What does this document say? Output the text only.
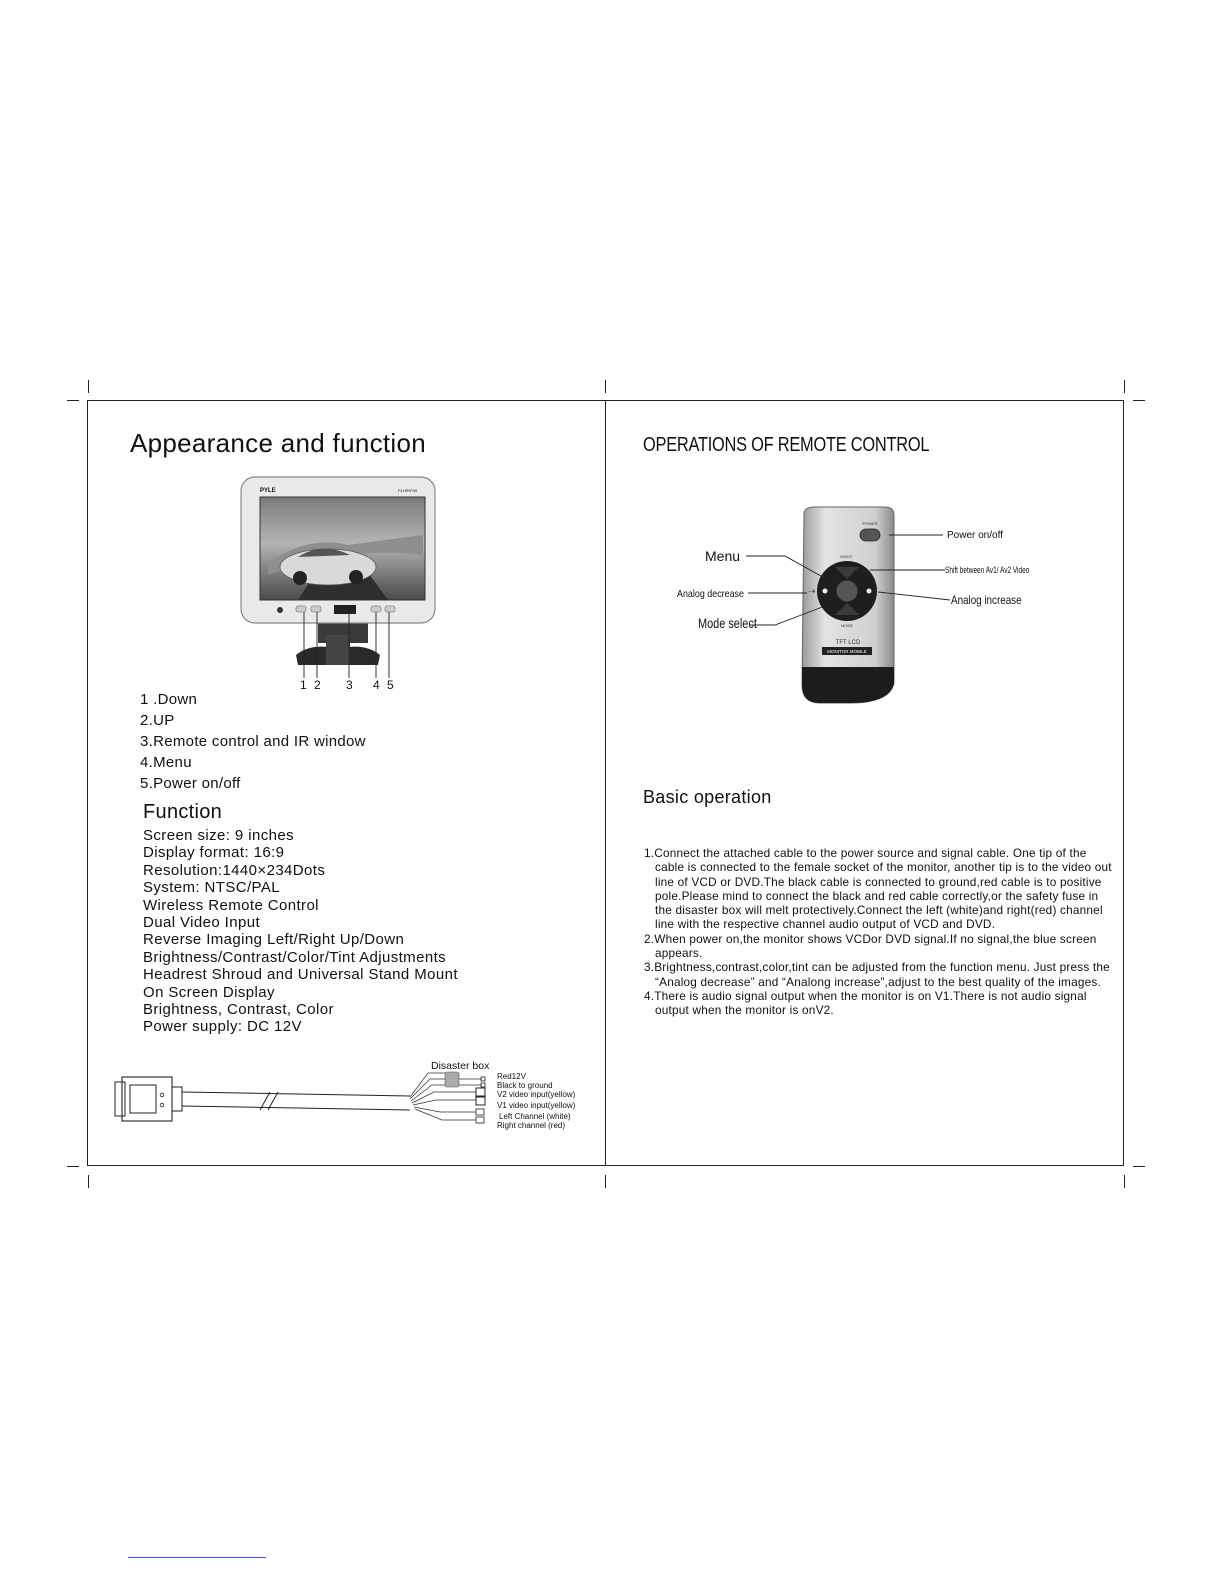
Appearance and function
PYLE	PLHR9TW
1 2 3 4 5
1 .Down
2.UP
3.Remote control and IR window
4.Menu
5.Power on/off
Function
Screen size: 9 inches
Display format: 16:9
Resolution:1440×234Dots
System: NTSC/PAL
Wireless Remote Control
Dual Video Input
Reverse Imaging Left/Right Up/Down
Brightness/Contrast/Color/Tint Adjustments
Headrest Shroud and Universal Stand Mount
On Screen Display
Brightness, Contrast, Color
Power supply: DC 12V
Disaster box
Red12V
Black to ground
V2 video input(yellow)
V1 video input(yellow)
Left Channel (white)
Right channel (red)
OPERATIONS OF REMOTE CONTROL
POWER
VIDEO
➝
MODE
TFT LCD
MONITOR MOBILE
Menu
Power on/off
Shift between Av1/ Av2 Video
Analog decrease	Analog increase
Mode select
Basic operation
1.Connect the attached cable to the power source and signal cable. One tip of the cable is connected to the female socket of the monitor, another tip is to the video out line of VCD or DVD.The black cable is connected to ground,red cable is to positive pole.Please mind to connect the black and red cable correctly,or the safety fuse in the disaster box will melt protectively.Connect the left (white)and right(red) channel line with the respective channel audio output of VCD and DVD.
2.When power on,the monitor shows VCDor DVD signal.If no signal,the blue screen appears.
3.Brightness,contrast,color,tint can be adjusted from the function menu. Just press the “Analog decrease” and “Analong increase”,adjust to the best quality of the images.
4.There is audio signal output when the monitor is on V1.There is not audio signal output when the monitor is onV2.
